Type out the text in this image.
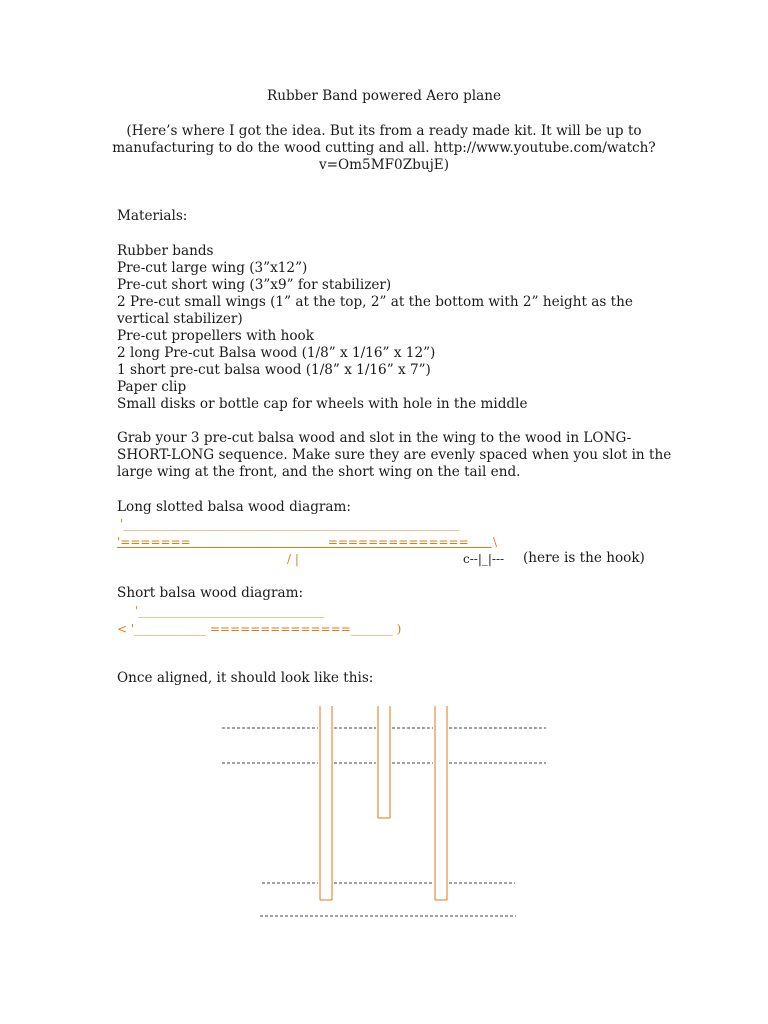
Rubber Band powered Aero plane
(Here’s where I got the idea. But its from a ready made kit. It will be up to
manufacturing to do the wood cutting and all. http://www.youtube.com/watch?
v=Om5MF0ZbujE)
Materials:
Rubber bands
Pre-cut large wing (3”x12”)
Pre-cut short wing (3”x9” for stabilizer)
2 Pre-cut small wings (1” at the top, 2” at the bottom with 2” height as the
vertical stabilizer)
Pre-cut propellers with hook
2 long Pre-cut Balsa wood (1/8” x 1/16” x 12”)
1 short pre-cut balsa wood (1/8” x 1/16” x 7”)
Paper clip
Small disks or bottle cap for wheels with hole in the middle
Grab your 3 pre-cut balsa wood and slot in the wing to the wood in LONG-
SHORT-LONG sequence. Make sure they are evenly spaced when you slot in the
large wing at the front, and the short wing on the tail end.
Long slotted balsa wood diagram:
'________________________________________________________
'=======​
==============	\
/ |	c--|_|--- (here is the hook)
Short balsa wood diagram:
'_______________________________
< '____________ ==============_______ )
Once aligned, it should look like this:
